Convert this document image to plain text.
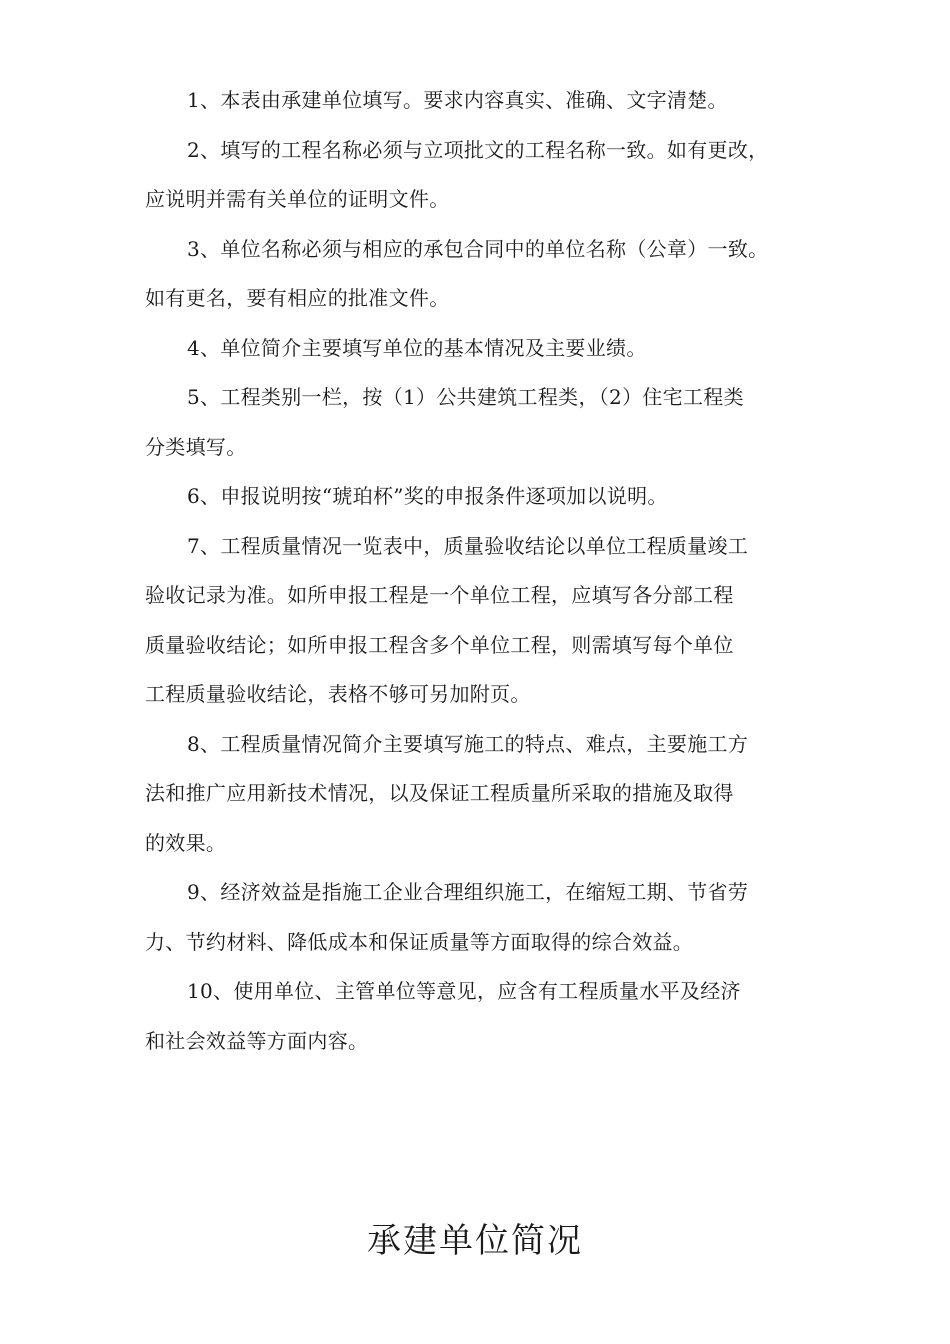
1、本表由承建单位填写。要求内容真实、准确、文字清楚。
2、填写的工程名称必须与立项批文的工程名称一致。如有更改，
应说明并需有关单位的证明文件。
3、单位名称必须与相应的承包合同中的单位名称（公章）一致。
如有更名，要有相应的批准文件。
4、单位简介主要填写单位的基本情况及主要业绩。
5、工程类别一栏，按（1）公共建筑工程类，（2）住宅工程类
分类填写。
6、申报说明按“琥珀杯”奖的申报条件逐项加以说明。
7、工程质量情况一览表中，质量验收结论以单位工程质量竣工
验收记录为准。如所申报工程是一个单位工程，应填写各分部工程
质量验收结论；如所申报工程含多个单位工程，则需填写每个单位
工程质量验收结论，表格不够可另加附页。
8、工程质量情况简介主要填写施工的特点、难点，主要施工方
法和推广应用新技术情况，以及保证工程质量所采取的措施及取得
的效果。
9、经济效益是指施工企业合理组织施工，在缩短工期、节省劳
力、节约材料、降低成本和保证质量等方面取得的综合效益。
10、使用单位、主管单位等意见，应含有工程质量水平及经济
和社会效益等方面内容。
承建单位简况
